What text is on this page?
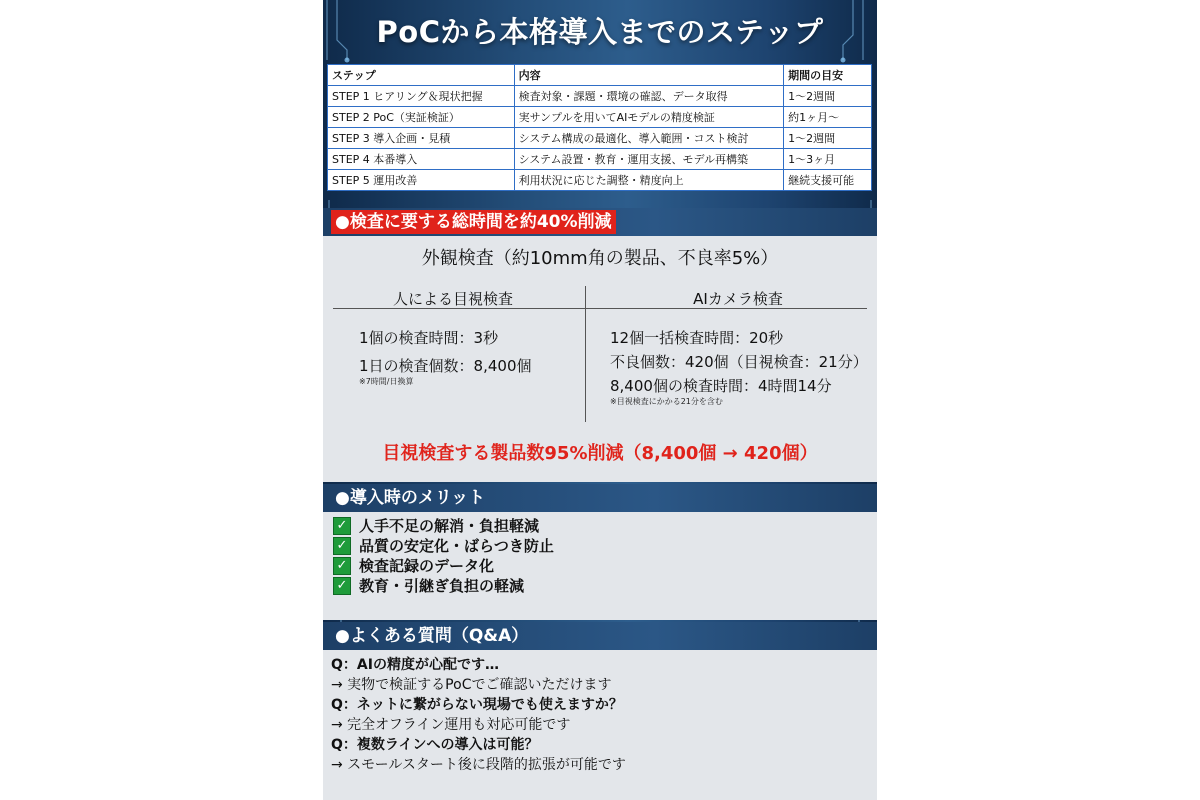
PoCから本格導入までのステップ
ステップ	内容	期間の目安
STEP 1 ヒアリング＆現状把握	検査対象・課題・環境の確認、データ取得	1〜2週間
STEP 2 PoC（実証検証）	実サンプルを用いてAIモデルの精度検証	約1ヶ月〜
STEP 3 導入企画・見積	システム構成の最適化、導入範囲・コスト検討	1〜2週間
STEP 4 本番導入	システム設置・教育・運用支援、モデル再構築	1〜3ヶ月
STEP 5 運用改善	利用状況に応じた調整・精度向上	継続支援可能
●検査に要する総時間を約40%削減
外観検査（約10mm角の製品、不良率5%）
人による目視検査	AIカメラ検査
1個の検査時間：3秒
1日の検査個数：8,400個
※7時間/日換算
12個一括検査時間：20秒
不良個数：420個（目視検査：21分）
8,400個の検査時間：4時間14分
※目視検査にかかる21分を含む
目視検査する製品数95%削減（8,400個 → 420個）
●導入時のメリット
✓ 人手不足の解消・負担軽減
✓ 品質の安定化・ばらつき防止
✓ 検査記録のデータ化
✓ 教育・引継ぎ負担の軽減
●よくある質問（Q&A）
Q：AIの精度が心配です…
→ 実物で検証するPoCでご確認いただけます
Q：ネットに繋がらない現場でも使えますか？
→ 完全オフライン運用も対応可能です
Q：複数ラインへの導入は可能？
→ スモールスタート後に段階的拡張が可能です
